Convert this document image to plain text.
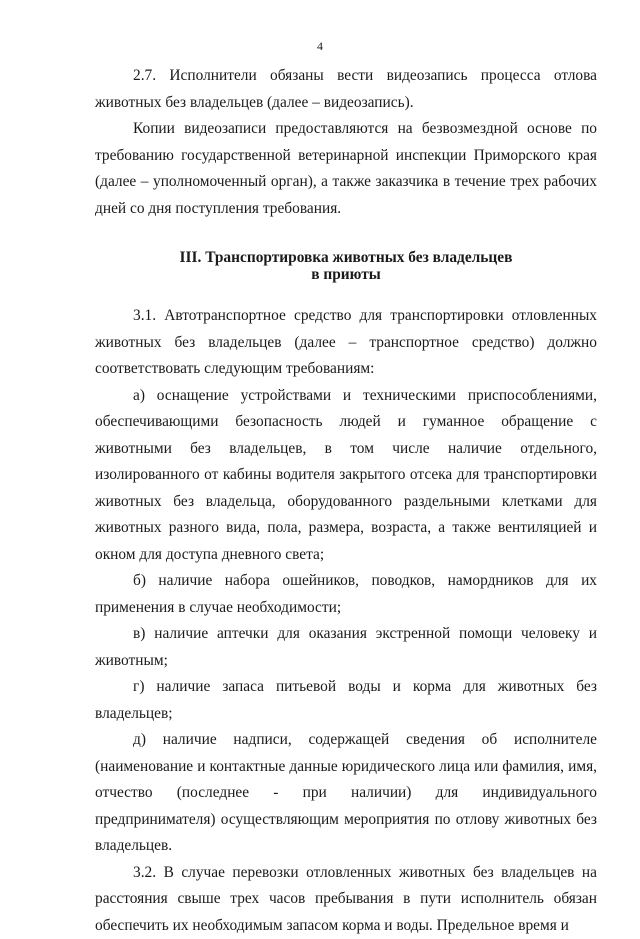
4

2.7. Исполнители обязаны вести видеозапись процесса отлова животных без владельцев (далее – видеозапись).

Копии видеозаписи предоставляются на безвозмездной основе по требованию государственной ветеринарной инспекции Приморского края (далее – уполномоченный орган), а также заказчика в течение трех рабочих дней со дня поступления требования.

III. Транспортировка животных без владельцев
в приюты

3.1. Автотранспортное средство для транспортировки отловленных животных без владельцев (далее – транспортное средство) должно соответствовать следующим требованиям:

а) оснащение устройствами и техническими приспособлениями, обеспечивающими безопасность людей и гуманное обращение с животными без владельцев, в том числе наличие отдельного, изолированного от кабины водителя закрытого отсека для транспортировки животных без владельца, оборудованного раздельными клетками для животных разного вида, пола, размера, возраста, а также вентиляцией и окном для доступа дневного света;

б) наличие набора ошейников, поводков, намордников для их применения в случае необходимости;

в) наличие аптечки для оказания экстренной помощи человеку и животным;

г) наличие запаса питьевой воды и корма для животных без владельцев;

д) наличие надписи, содержащей сведения об исполнителе (наименование и контактные данные юридического лица или фамилия, имя, отчество (последнее - при наличии) для индивидуального предпринимателя) осуществляющим мероприятия по отлову животных без владельцев.

3.2. В случае перевозки отловленных животных без владельцев на расстояния свыше трех часов пребывания в пути исполнитель обязан обеспечить их необходимым запасом корма и воды. Предельное время и
